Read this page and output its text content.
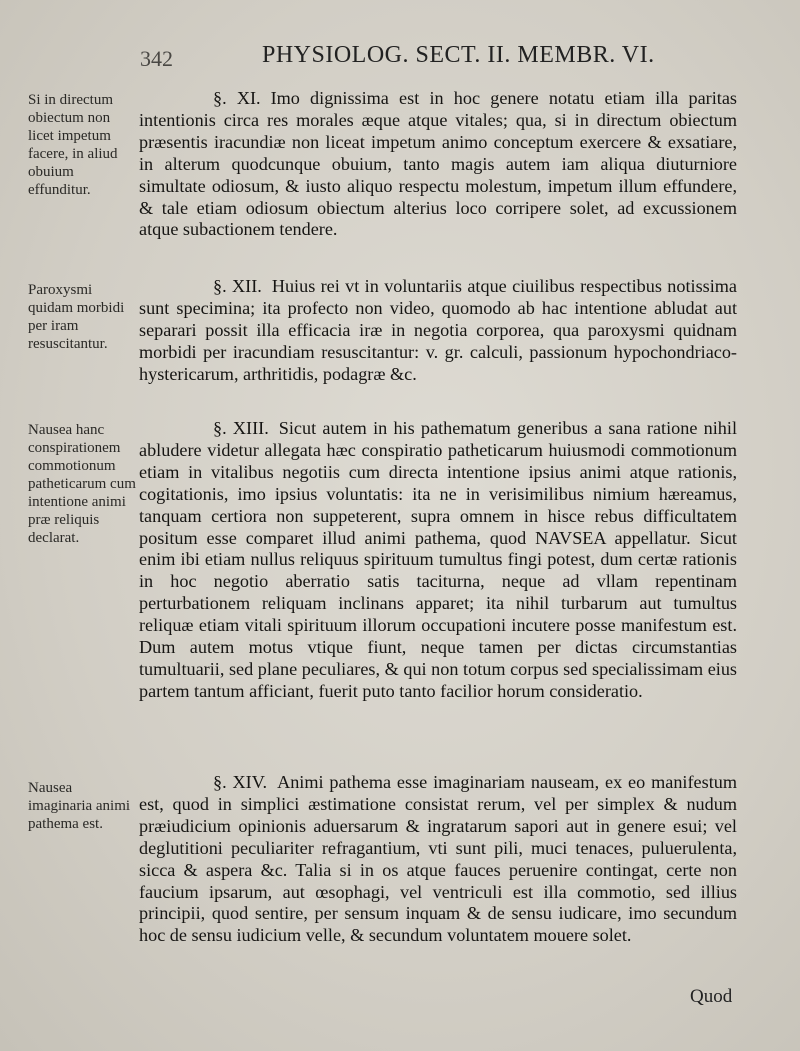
342	PHYSIOLOG. SECT. II. MEMBR. VI.
Si in directum obiectum non licet impetum facere, in aliud obuium effunditur.
Paroxysmi quidam morbidi per iram resuscitantur.
Nausea hanc conspirationem commotionum patheticarum cum intentione animi præ reliquis declarat.
Nausea imaginaria animi pathema est.
§. XI. Imo dignissima est in hoc genere notatu etiam illa paritas intentionis circa res morales æque atque vitales; qua, si in directum obiectum præsentis iracundiæ non liceat impetum animo conceptum exercere & exsatiare, in alterum quodcunque obuium, tanto magis autem iam aliqua diuturniore simultate odiosum, & iusto aliquo respectu molestum, impetum illum effundere, & tale etiam odiosum obiectum alterius loco corripere solet, ad excussionem atque subactionem tendere.
§. XII. Huius rei vt in voluntariis atque ciuilibus respectibus notissima sunt specimina; ita profecto non video, quomodo ab hac intentione abludat aut separari possit illa efficacia iræ in negotia corporea, qua paroxysmi quidnam morbidi per iracundiam resuscitantur: v. gr. calculi, passionum hypochondriaco-hystericarum, arthritidis, podagræ &c.
§. XIII. Sicut autem in his pathematum generibus a sana ratione nihil abludere videtur allegata hæc conspiratio patheticarum huiusmodi commotionum etiam in vitalibus negotiis cum directa intentione ipsius animi atque rationis, cogitationis, imo ipsius voluntatis: ita ne in verisimilibus nimium hæreamus, tanquam certiora non suppeterent, supra omnem in hisce rebus difficultatem positum esse comparet illud animi pathema, quod NAVSEA appellatur. Sicut enim ibi etiam nullus reliquus spirituum tumultus fingi potest, dum certæ rationis in hoc negotio aberratio satis taciturna, neque ad vllam repentinam perturbationem reliquam inclinans apparet; ita nihil turbarum aut tumultus reliquæ etiam vitali spirituum illorum occupationi incutere posse manifestum est. Dum autem motus vtique fiunt, neque tamen per dictas circumstantias tumultuarii, sed plane peculiares, & qui non totum corpus sed specialissimam eius partem tantum afficiant, fuerit puto tanto facilior horum consideratio.
§. XIV. Animi pathema esse imaginariam nauseam, ex eo manifestum est, quod in simplici æstimatione consistat rerum, vel per simplex & nudum præiudicium opinionis aduersarum & ingratarum sapori aut in genere esui; vel deglutitioni peculiariter refragantium, vti sunt pili, muci tenaces, puluerulenta, sicca & aspera &c. Talia si in os atque fauces peruenire contingat, certe non faucium ipsarum, aut œsophagi, vel ventriculi est illa commotio, sed illius principii, quod sentire, per sensum inquam & de sensu iudicare, imo secundum hoc de sensu iudicium velle, & secundum voluntatem mouere solet.
Quod
